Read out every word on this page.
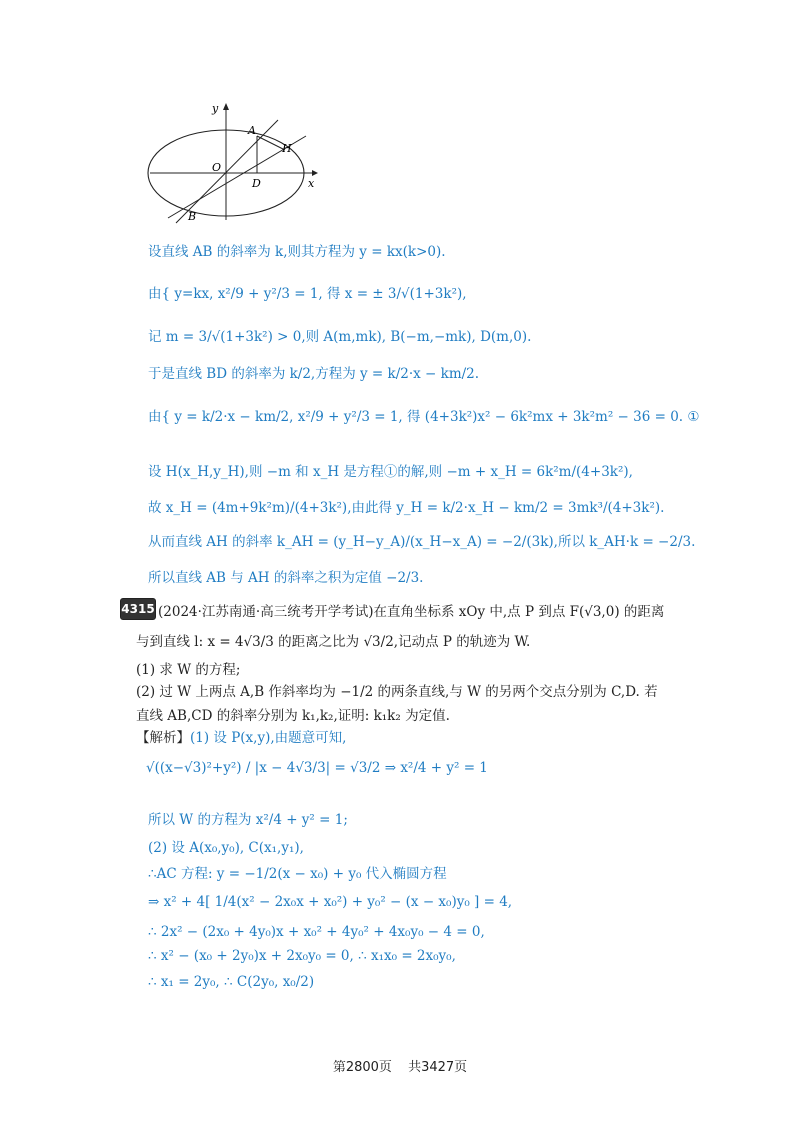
y
x
O
A
H
D
B
设直线 AB 的斜率为 k,则其方程为 y = kx(k>0).
由{ y=kx, x²/9 + y²/3 = 1, 得 x = ± 3/√(1+3k²),
记 m = 3/√(1+3k²) > 0,则 A(m,mk), B(−m,−mk), D(m,0).
于是直线 BD 的斜率为 k/2,方程为 y = k/2·x − km/2.
由{ y = k/2·x − km/2, x²/9 + y²/3 = 1, 得 (4+3k²)x² − 6k²mx + 3k²m² − 36 = 0. ①
设 H(x_H,y_H),则 −m 和 x_H 是方程①的解,则 −m + x_H = 6k²m/(4+3k²),
故 x_H = (4m+9k²m)/(4+3k²),由此得 y_H = k/2·x_H − km/2 = 3mk³/(4+3k²).
从而直线 AH 的斜率 k_AH = (y_H−y_A)/(x_H−x_A) = −2/(3k),所以 k_AH·k = −2/3.
所以直线 AB 与 AH 的斜率之积为定值 −2/3.
4315 (2024·江苏南通·高三统考开学考试)在直角坐标系 xOy 中,点 P 到点 F(√3,0) 的距离
与到直线 l: x = 4√3/3 的距离之比为 √3/2,记动点 P 的轨迹为 W.
(1) 求 W 的方程;
(2) 过 W 上两点 A,B 作斜率均为 −1/2 的两条直线,与 W 的另两个交点分别为 C,D. 若
直线 AB,CD 的斜率分别为 k₁,k₂,证明: k₁k₂ 为定值.
【解析】(1) 设 P(x,y),由题意可知,
√((x−√3)²+y²) / |x − 4√3/3| = √3/2 ⇒ x²/4 + y² = 1
所以 W 的方程为 x²/4 + y² = 1;
(2) 设 A(x₀,y₀), C(x₁,y₁),
∴AC 方程: y = −1/2(x − x₀) + y₀ 代入椭圆方程
⇒ x² + 4[ 1/4(x² − 2x₀x + x₀²) + y₀² − (x − x₀)y₀ ] = 4,
∴ 2x² − (2x₀ + 4y₀)x + x₀² + 4y₀² + 4x₀y₀ − 4 = 0,
∴ x² − (x₀ + 2y₀)x + 2x₀y₀ = 0, ∴ x₁x₀ = 2x₀y₀,
∴ x₁ = 2y₀, ∴ C(2y₀, x₀/2)
第2800页 共3427页
